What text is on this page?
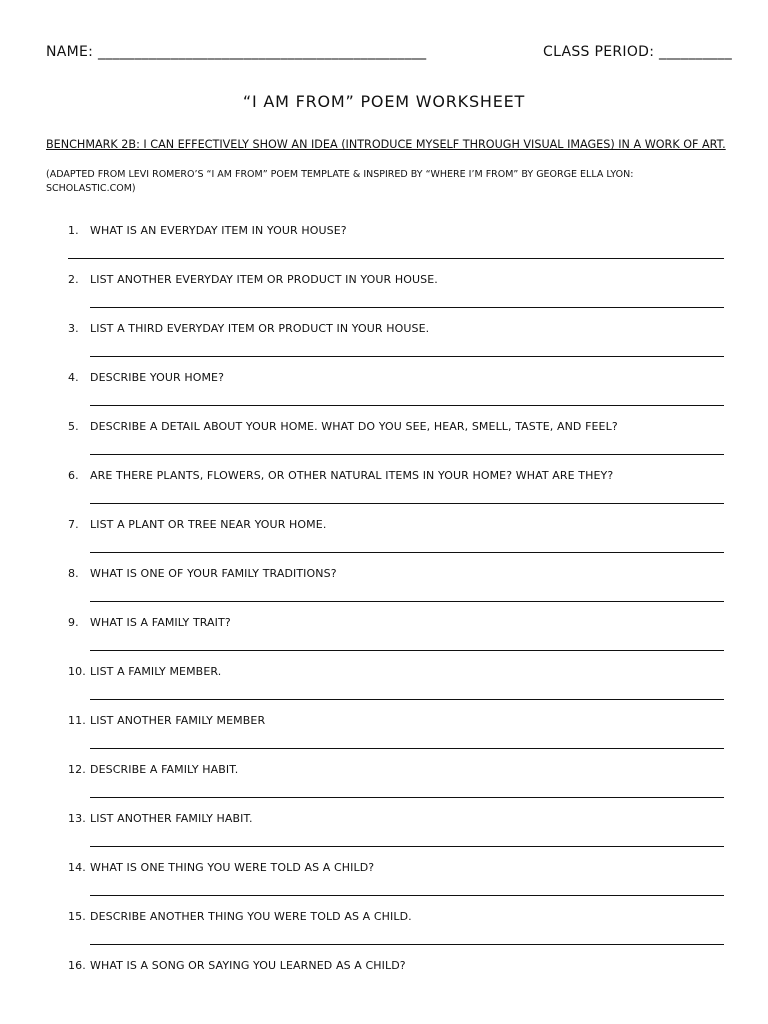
NAME: _____________________________________________	CLASS PERIOD: __________
“I AM FROM” POEM WORKSHEET
BENCHMARK 2B: I CAN EFFECTIVELY SHOW AN IDEA (INTRODUCE MYSELF THROUGH VISUAL IMAGES) IN A WORK OF ART.
(ADAPTED FROM LEVI ROMERO’S “I AM FROM” POEM TEMPLATE & INSPIRED BY “WHERE I’M FROM” BY GEORGE ELLA LYON: SCHOLASTIC.COM)
1. WHAT IS AN EVERYDAY ITEM IN YOUR HOUSE?
2. LIST ANOTHER EVERYDAY ITEM OR PRODUCT IN YOUR HOUSE.
3. LIST A THIRD EVERYDAY ITEM OR PRODUCT IN YOUR HOUSE.
4. DESCRIBE YOUR HOME?
5. DESCRIBE A DETAIL ABOUT YOUR HOME. WHAT DO YOU SEE, HEAR, SMELL, TASTE, AND FEEL?
6. ARE THERE PLANTS, FLOWERS, OR OTHER NATURAL ITEMS IN YOUR HOME? WHAT ARE THEY?
7. LIST A PLANT OR TREE NEAR YOUR HOME.
8. WHAT IS ONE OF YOUR FAMILY TRADITIONS?
9. WHAT IS A FAMILY TRAIT?
10. LIST A FAMILY MEMBER.
11. LIST ANOTHER FAMILY MEMBER
12. DESCRIBE A FAMILY HABIT.
13. LIST ANOTHER FAMILY HABIT.
14. WHAT IS ONE THING YOU WERE TOLD AS A CHILD?
15. DESCRIBE ANOTHER THING YOU WERE TOLD AS A CHILD.
16. WHAT IS A SONG OR SAYING YOU LEARNED AS A CHILD?
